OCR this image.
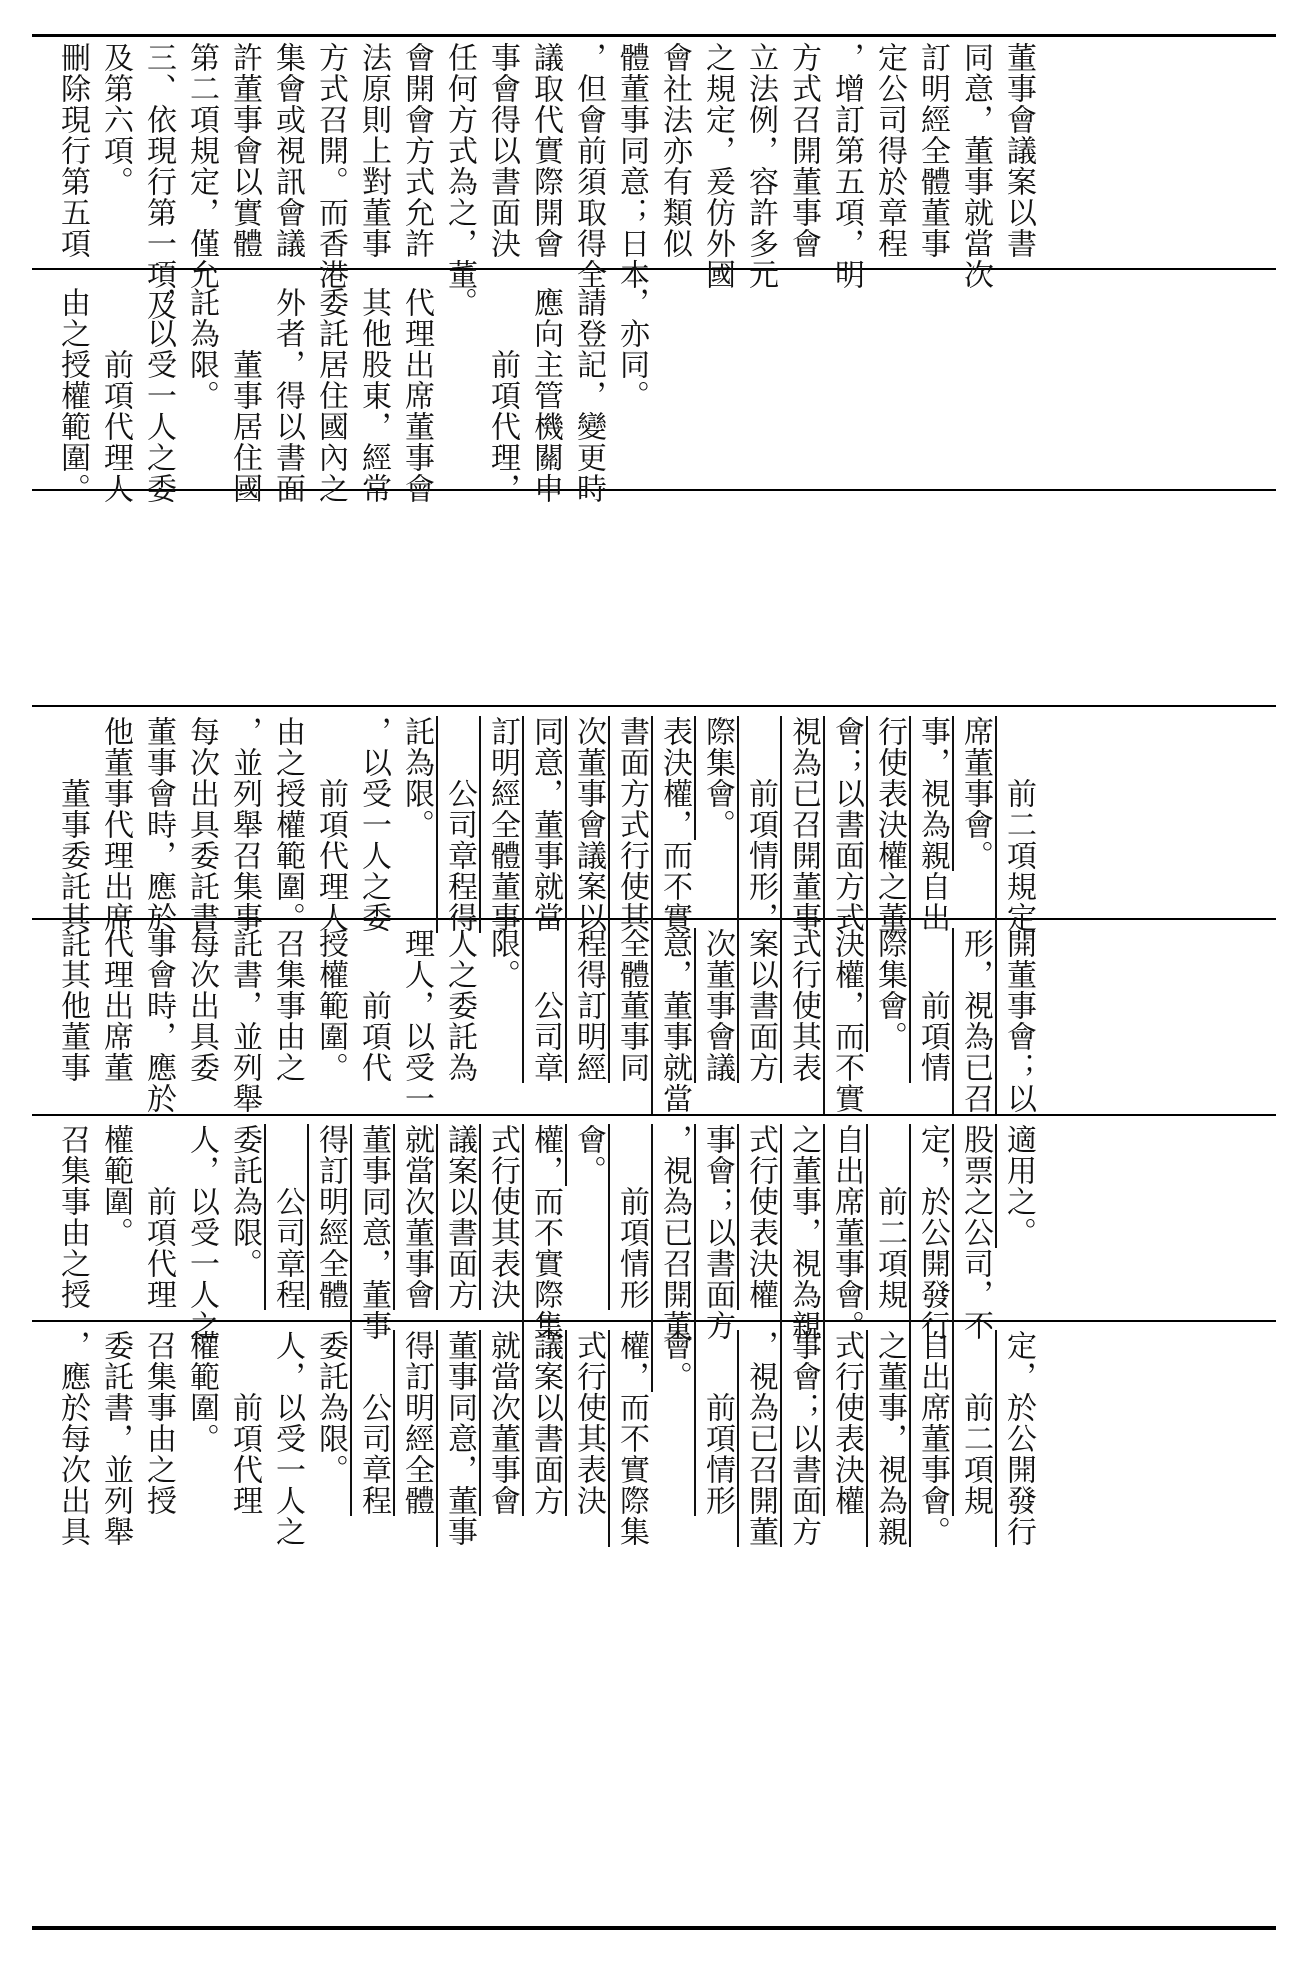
由之授權範圍。 　　前項代理人 ，以受一人之委 託為限。 　　董事居住國 外者，得以書面 委託居住國內之 其他股東，經常 代理出席董事會 。 　　前項代理， 應向主管機關申 請登記，變更時 ，亦同。
刪除現行第五項 及第六項。 三、依現行第一項及 第二項規定，僅允 許董事會以實體 集會或視訊會議 方式召開。而香港 法原則上對董事 會開會方式允許 任何方式為之，董 事會得以書面決 議取代實際開會 ，但會前須取得全 體董事同意；日本 會社法亦有類似 之規定，爰仿外國 立法例，容許多元 方式召開董事會 ，增訂第五項，明 定公司得於章程 訂明經全體董事 同意，董事就當次 董事會議案以書
　　董事委託其 他董事代理出席 董事會時，應於 每次出具委託書 ，並列舉召集事 由之授權範圍。 　　前項代理人 ，以受一人之委 託為限。 　　公司章程得 訂明經全體董事 同意，董事就當 次董事會議案以 書面方式行使其 表決權，而不實 際集會。 　　前項情形， 視為已召開董事 會；以書面方式 行使表決權之董 事，視為親自出 席董事會。 　　前二項規定
託其他董事 代理出席董 事會時，應於 每次出具委 託書，並列舉 召集事由之 授權範圍。 　　前項代 理人，以受一 人之委託為 限。 　　公司章 程得訂明經 全體董事同 意，董事就當 次董事會議 案以書面方 式行使其表 決權，而不實 際集會。 　　前項情 形，視為已召 開董事會；以
召集事由之授 權範圍。 　　前項代理 人，以受一人之 委託為限。 　　公司章程 得訂明經全體 董事同意，董事 就當次董事會 議案以書面方 式行使其表決 權，而不實際集 會。 　　前項情形 ，視為已召開董 事會；以書面方 式行使表決權 之董事，視為親 自出席董事會。 　　前二項規 定，於公開發行 股票之公司，不 適用之。
，應於每次出具 委託書，並列舉 召集事由之授 權範圍。 　　前項代理 人，以受一人之 委託為限。 　　公司章程 得訂明經全體 董事同意，董事 就當次董事會 議案以書面方 式行使其表決 權，而不實際集 會。 　　前項情形 ，視為已召開董 事會；以書面方 式行使表決權 之董事，視為親 自出席董事會。 　　前二項規 定，於公開發行
